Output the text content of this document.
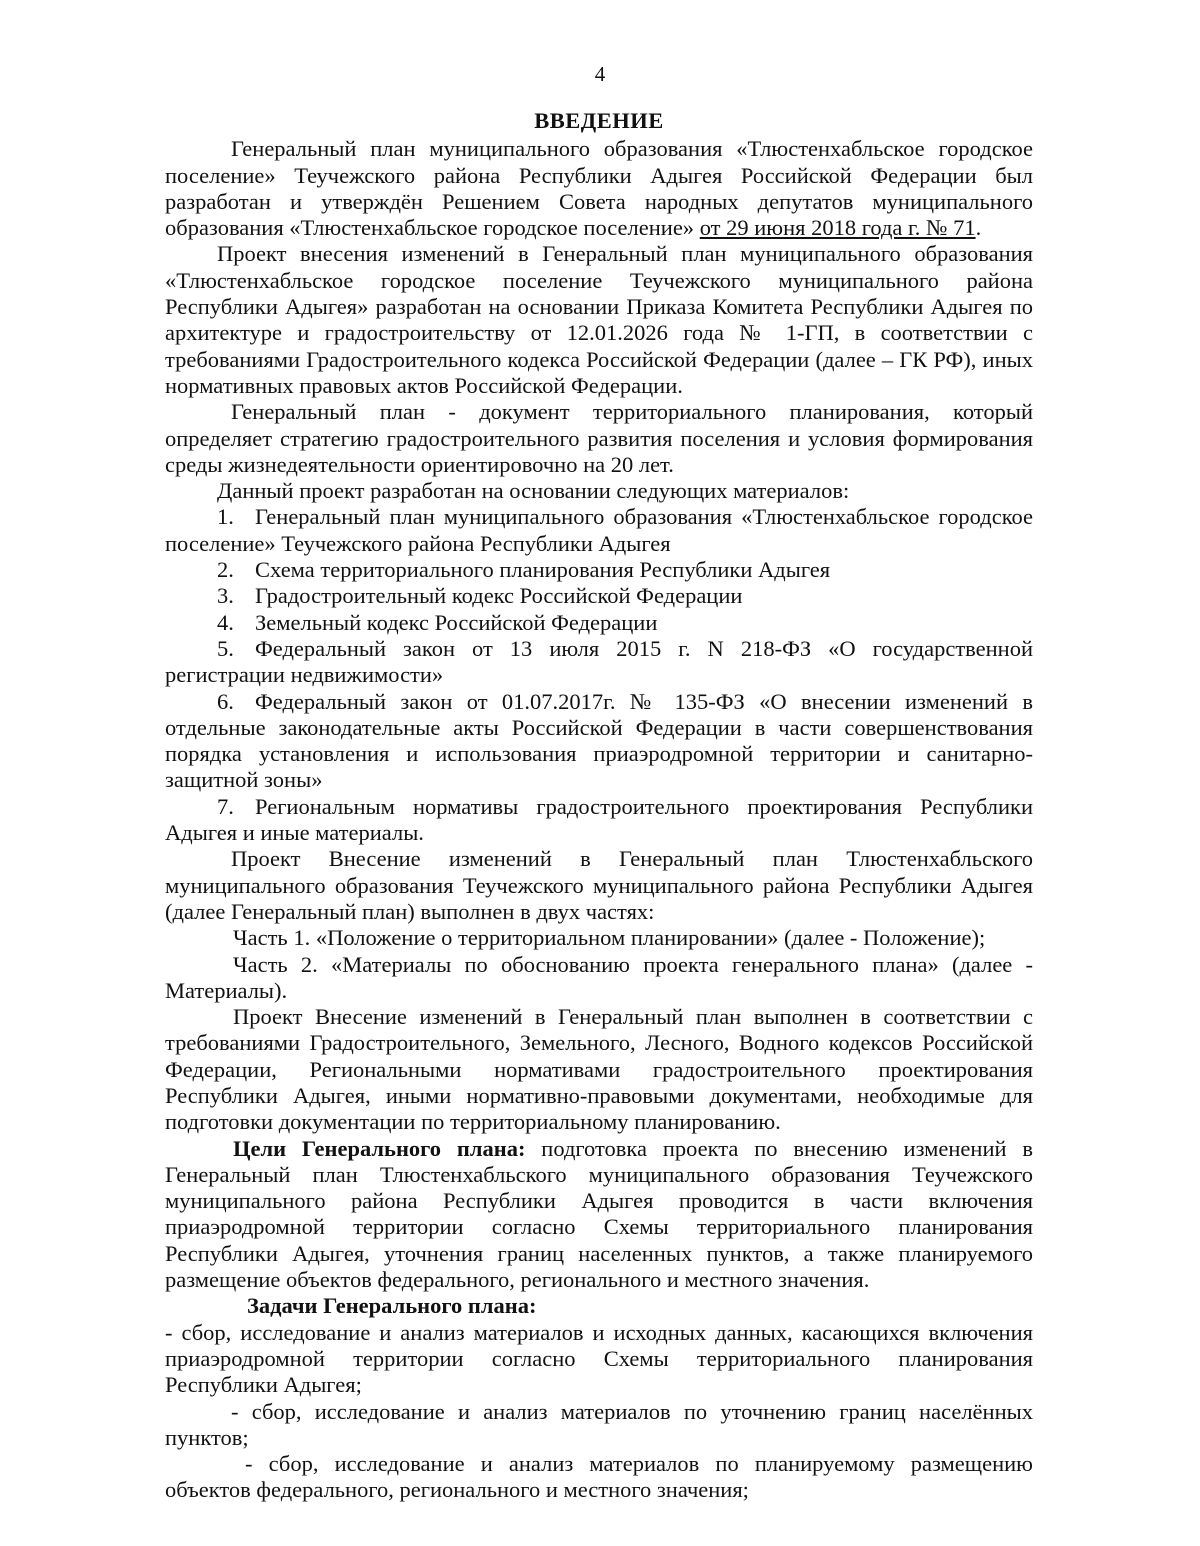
4
ВВЕДЕНИЕ

Генеральный план муниципального образования «Тлюстенхабльское городское поселение» Теучежского района Республики Адыгея Российской Федерации был разработан и утверждён Решением Совета народных депутатов муниципального образования «Тлюстенхабльское городское поселение» от 29 июня 2018 года г. № 71.

Проект внесения изменений в Генеральный план муниципального образования «Тлюстенхабльское городское поселение Теучежского муниципального района Республики Адыгея» разработан на основании Приказа Комитета Республики Адыгея по архитектуре и градостроительству от 12.01.2026 года № 1-ГП, в соответствии с требованиями Градостроительного кодекса Российской Федерации (далее – ГК РФ), иных нормативных правовых актов Российской Федерации.

Генеральный план - документ территориального планирования, который определяет стратегию градостроительного развития поселения и условия формирования среды жизнедеятельности ориентировочно на 20 лет.

Данный проект разработан на основании следующих материалов:

1. Генеральный план муниципального образования «Тлюстенхабльское городское поселение» Теучежского района Республики Адыгея

2. Схема территориального планирования Республики Адыгея

3. Градостроительный кодекс Российской Федерации

4. Земельный кодекс Российской Федерации

5. Федеральный закон от 13 июля 2015 г. N 218-ФЗ «О государственной регистрации недвижимости»

6. Федеральный закон от 01.07.2017г. № 135-ФЗ «О внесении изменений в отдельные законодательные акты Российской Федерации в части совершенствования порядка установления и использования приаэродромной территории и санитарно-защитной зоны»

7. Региональным нормативы градостроительного проектирования Республики Адыгея и иные материалы.

Проект Внесение изменений в Генеральный план Тлюстенхабльского муниципального образования Теучежского муниципального района Республики Адыгея (далее Генеральный план) выполнен в двух частях:

Часть 1. «Положение о территориальном планировании» (далее - Положение);

Часть 2. «Материалы по обоснованию проекта генерального плана» (далее - Материалы).

Проект Внесение изменений в Генеральный план выполнен в соответствии с требованиями Градостроительного, Земельного, Лесного, Водного кодексов Российской Федерации, Региональными нормативами градостроительного проектирования Республики Адыгея, иными нормативно-правовыми документами, необходимые для подготовки документации по территориальному планированию.

Цели Генерального плана: подготовка проекта по внесению изменений в Генеральный план Тлюстенхабльского муниципального образования Теучежского муниципального района Республики Адыгея проводится в части включения приаэродромной территории согласно Схемы территориального планирования Республики Адыгея, уточнения границ населенных пунктов, а также планируемого размещение объектов федерального, регионального и местного значения.

Задачи Генерального плана:

- сбор, исследование и анализ материалов и исходных данных, касающихся включения приаэродромной территории согласно Схемы территориального планирования Республики Адыгея;

- сбор, исследование и анализ материалов по уточнению границ населённых пунктов;

- сбор, исследование и анализ материалов по планируемому размещению объектов федерального, регионального и местного значения;
